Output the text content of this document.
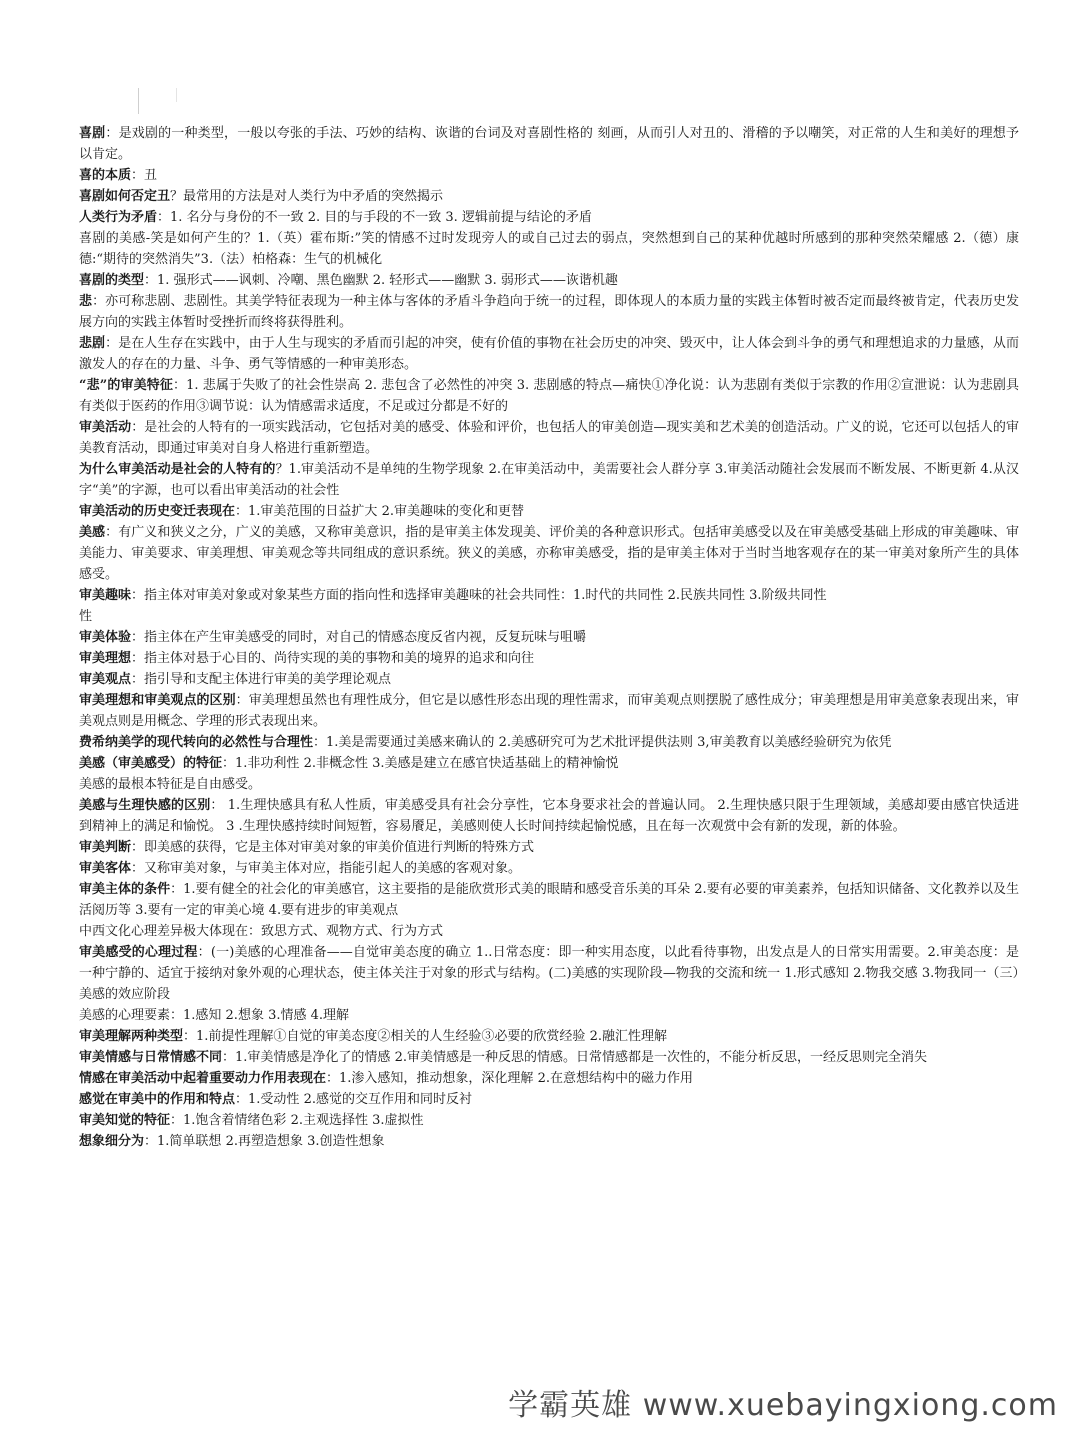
喜剧：是戏剧的一种类型，一般以夸张的手法、巧妙的结构、诙谐的台词及对喜剧性格的 刻画，从而引人对丑的、滑稽的予以嘲笑，对正常的人生和美好的理想予以肯定。

喜的本质：丑

喜剧如何否定丑？最常用的方法是对人类行为中矛盾的突然揭示

人类行为矛盾：1. 名分与身份的不一致 2. 目的与手段的不一致 3. 逻辑前提与结论的矛盾

喜剧的美感-笑是如何产生的？1.（英）霍布斯:”笑的情感不过时发现旁人的或自己过去的弱点，突然想到自己的某种优越时所感到的那种突然荣耀感 2.（德）康德:“期待的突然消失”3.（法）柏格森：生气的机械化

喜剧的类型：1. 强形式——讽刺、冷嘲、黑色幽默 2. 轻形式——幽默 3. 弱形式——诙谐机趣

悲：亦可称悲剧、悲剧性。其美学特征表现为一种主体与客体的矛盾斗争趋向于统一的过程，即体现人的本质力量的实践主体暂时被否定而最终被肯定，代表历史发展方向的实践主体暂时受挫折而终将获得胜利。

悲剧：是在人生存在实践中，由于人生与现实的矛盾而引起的冲突，使有价值的事物在社会历史的冲突、毁灭中，让人体会到斗争的勇气和理想追求的力量感，从而激发人的存在的力量、斗争、勇气等情感的一种审美形态。

“悲”的审美特征：1. 悲属于失败了的社会性崇高 2. 悲包含了必然性的冲突 3. 悲剧感的特点—痛快①净化说：认为悲剧有类似于宗教的作用②宣泄说：认为悲剧具有类似于医药的作用③调节说：认为情感需求适度，不足或过分都是不好的

审美活动：是社会的人特有的一项实践活动，它包括对美的感受、体验和评价，也包括人的审美创造—现实美和艺术美的创造活动。广义的说，它还可以包括人的审美教育活动，即通过审美对自身人格进行重新塑造。

为什么审美活动是社会的人特有的？1.审美活动不是单纯的生物学现象 2.在审美活动中，美需要社会人群分享 3.审美活动随社会发展而不断发展、不断更新 4.从汉字“美”的字源，也可以看出审美活动的社会性

审美活动的历史变迁表现在：1.审美范围的日益扩大 2.审美趣味的变化和更替

美感：有广义和狭义之分，广义的美感，又称审美意识，指的是审美主体发现美、评价美的各种意识形式。包括审美感受以及在审美感受基础上形成的审美趣味、审美能力、审美要求、审美理想、审美观念等共同组成的意识系统。狭义的美感，亦称审美感受，指的是审美主体对于当时当地客观存在的某一审美对象所产生的具体感受。

审美趣味：指主体对审美对象或对象某些方面的指向性和选择审美趣味的社会共同性：1.时代的共同性 2.民族共同性 3.阶级共同性

性

审美体验：指主体在产生审美感受的同时，对自己的情感态度反省内视，反复玩味与咀嚼

审美理想：指主体对悬于心目的、尚待实现的美的事物和美的境界的追求和向往

审美观点：指引导和支配主体进行审美的美学理论观点

审美理想和审美观点的区别：审美理想虽然也有理性成分，但它是以感性形态出现的理性需求，而审美观点则摆脱了感性成分；审美理想是用审美意象表现出来，审美观点则是用概念、学理的形式表现出来。

费希纳美学的现代转向的必然性与合理性：1.美是需要通过美感来确认的 2.美感研究可为艺术批评提供法则 3,审美教育以美感经验研究为依凭

美感（审美感受）的特征：1.非功利性 2.非概念性 3.美感是建立在感官快适基础上的精神愉悦

美感的最根本特征是自由感受。

美感与生理快感的区别： 1.生理快感具有私人性质，审美感受具有社会分享性，它本身要求社会的普遍认同。 2.生理快感只限于生理领域，美感却要由感官快适进到精神上的满足和愉悦。 3 .生理快感持续时间短暂，容易餍足，美感则使人长时间持续起愉悦感，且在每一次观赏中会有新的发现，新的体验。

审美判断：即美感的获得，它是主体对审美对象的审美价值进行判断的特殊方式

审美客体：又称审美对象，与审美主体对应，指能引起人的美感的客观对象。

审美主体的条件：1.要有健全的社会化的审美感官，这主要指的是能欣赏形式美的眼睛和感受音乐美的耳朵 2.要有必要的审美素养，包括知识储备、文化教养以及生活阅历等 3.要有一定的审美心境 4.要有进步的审美观点

中西文化心理差异极大体现在：致思方式、观物方式、行为方式

审美感受的心理过程：(一)美感的心理准备——自觉审美态度的确立 1..日常态度：即一种实用态度，以此看待事物，出发点是人的日常实用需要。2.审美态度：是一种宁静的、适宜于接纳对象外观的心理状态，使主体关注于对象的形式与结构。(二)美感的实现阶段—物我的交流和统一 1.形式感知 2.物我交感 3.物我同一（三）美感的效应阶段

美感的心理要素：1.感知 2.想象 3.情感 4.理解

审美理解两种类型：1.前提性理解①自觉的审美态度②相关的人生经验③必要的欣赏经验 2.融汇性理解

审美情感与日常情感不同：1.审美情感是净化了的情感 2.审美情感是一种反思的情感。日常情感都是一次性的，不能分析反思，一经反思则完全消失

情感在审美活动中起着重要动力作用表现在：1.渗入感知，推动想象，深化理解 2.在意想结构中的磁力作用

感觉在审美中的作用和特点：1.受动性 2.感觉的交互作用和同时反衬

审美知觉的特征：1.饱含着情绪色彩 2.主观选择性 3.虚拟性

想象细分为：1.简单联想 2.再塑造想象 3.创造性想象

学霸英雄 www.xuebayingxiong.com
